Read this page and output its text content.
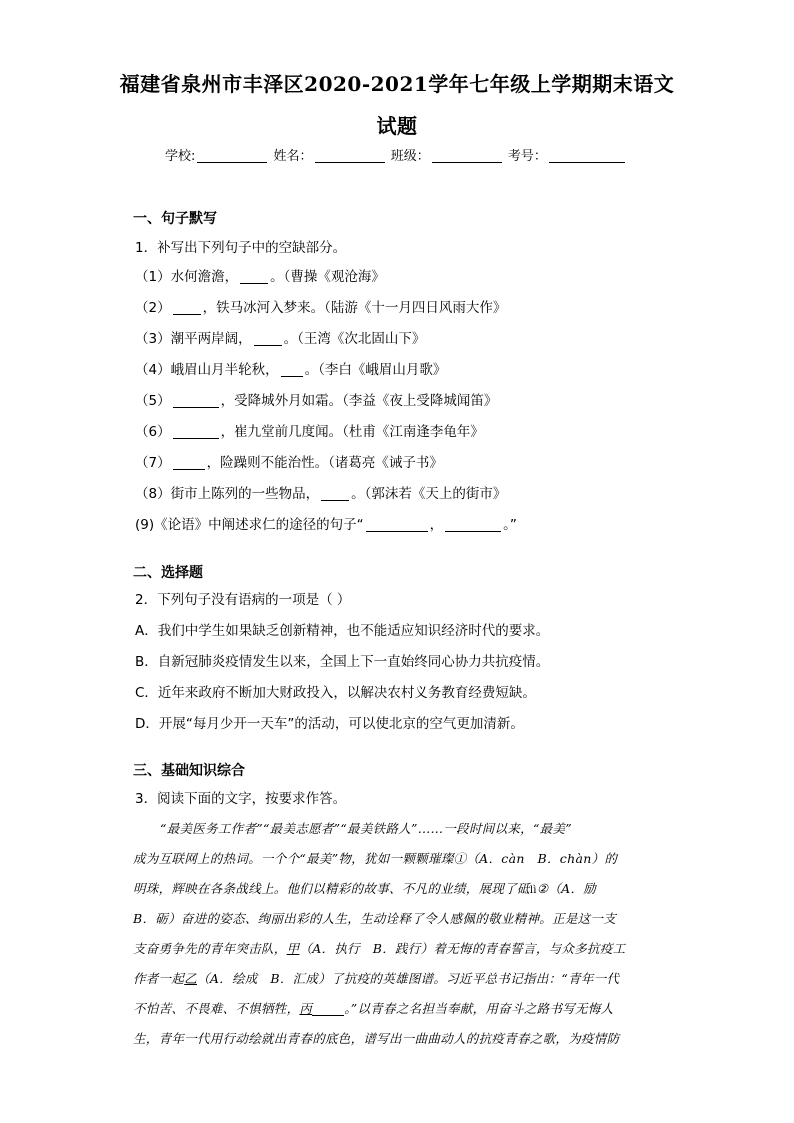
福建省泉州市丰泽区2020-2021学年七年级上学期期末语文
试题
学校:	姓名：	班级：	考号：
一、句子默写
1．补写出下列句子中的空缺部分。
（1）水何澹澹， 。（曹操《观沧海》
（2） ，铁马冰河入梦来。（陆游《十一月四日风雨大作》
（3）潮平两岸阔， 。（王湾《次北固山下》
（4）峨眉山月半轮秋， 。（李白《峨眉山月歌》
（5）	，受降城外月如霜。（李益《夜上受降城闻笛》
（6）	，崔九堂前几度闻。（杜甫《江南逢李龟年》
（7）	，险躁则不能治性。（诸葛亮《诫子书》
（8）街市上陈列的一些物品， 。（郭沫若《天上的街市》
(9)《论语》中阐述求仁的途径的句子“	，	。”
二、选择题
2．下列句子没有语病的一项是（ ）
A．我们中学生如果缺乏创新精神，也不能适应知识经济时代的要求。
B．自新冠肺炎疫情发生以来，全国上下一直始终同心协力共抗疫情。
C．近年来政府不断加大财政投入，以解决农村义务教育经费短缺。
D．开展“每月少开一天车”的活动，可以使北京的空气更加清新。
三、基础知识综合
3．阅读下面的文字，按要求作答。
“最美医务工作者”“最美志愿者”“最美铁路人”……一段时间以来，“最美”
成为互联网上的热词。一个个“最美”物，犹如一颗颗璀璨①（A．càn　B．chàn）的
明珠，辉映在各条战线上。他们以精彩的故事、不凡的业绩，展现了砥lì②（A．励
B．砺）奋进的姿态、绚丽出彩的人生，生动诠释了令人感佩的敬业精神。正是这一支
支奋勇争先的青年突击队，甲（A．执行　B．践行）着无悔的青春誓言，与众多抗疫工
作者一起乙（A．绘成　B．汇成）了抗疫的英雄图谱。习近平总书记指出：“青年一代
不怕苦、不畏难、不惧牺牲，丙	。”以青春之名担当奉献，用奋斗之路书写无悔人
生，青年一代用行动绘就出青春的底色，谱写出一曲曲动人的抗疫青春之歌，为疫情防
